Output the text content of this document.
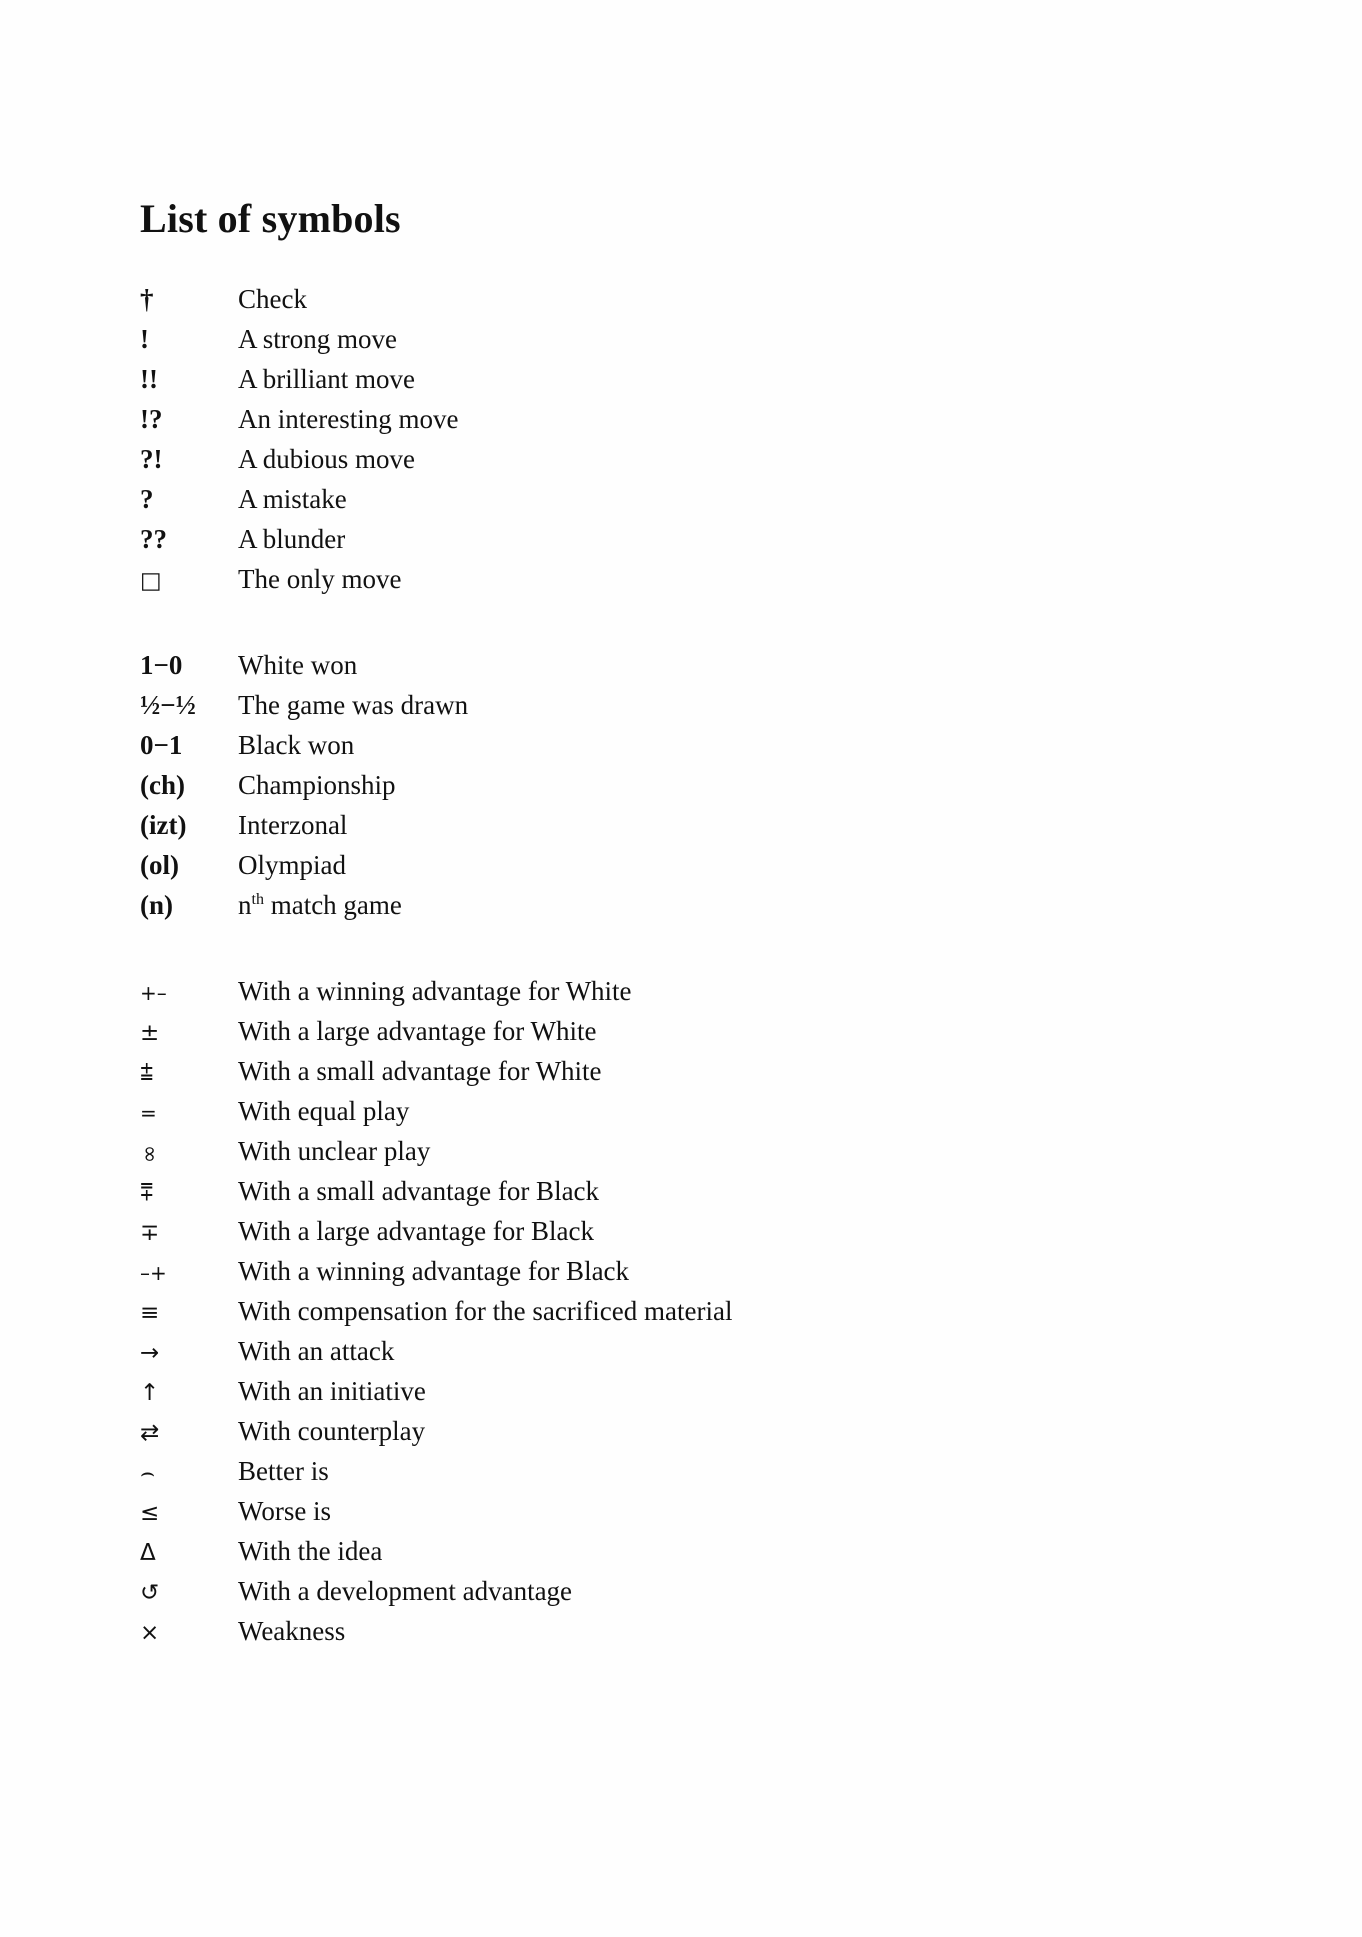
List of symbols
†	Check
!	A strong move
!!	A brilliant move
!?	An interesting move
?!	A dubious move
?	A mistake
??	A blunder
□	The only move
1−0	White won
½−½	The game was drawn
0−1	Black won
(ch)	Championship
(izt)	Interzonal
(ol)	Olympiad
(n)	$n^{th}$ match game
+–	With a winning advantage for White
±	With a large advantage for White
⩲	With a small advantage for White
=	With equal play
∞	With unclear play
⩱	With a small advantage for Black
∓	With a large advantage for Black
–+	With a winning advantage for Black
≡	With compensation for the sacrificed material
→	With an attack
↑	With an initiative
⇄	With counterplay
⌢	Better is
≤	Worse is
Δ	With the idea
↺	With a development advantage
×	Weakness
